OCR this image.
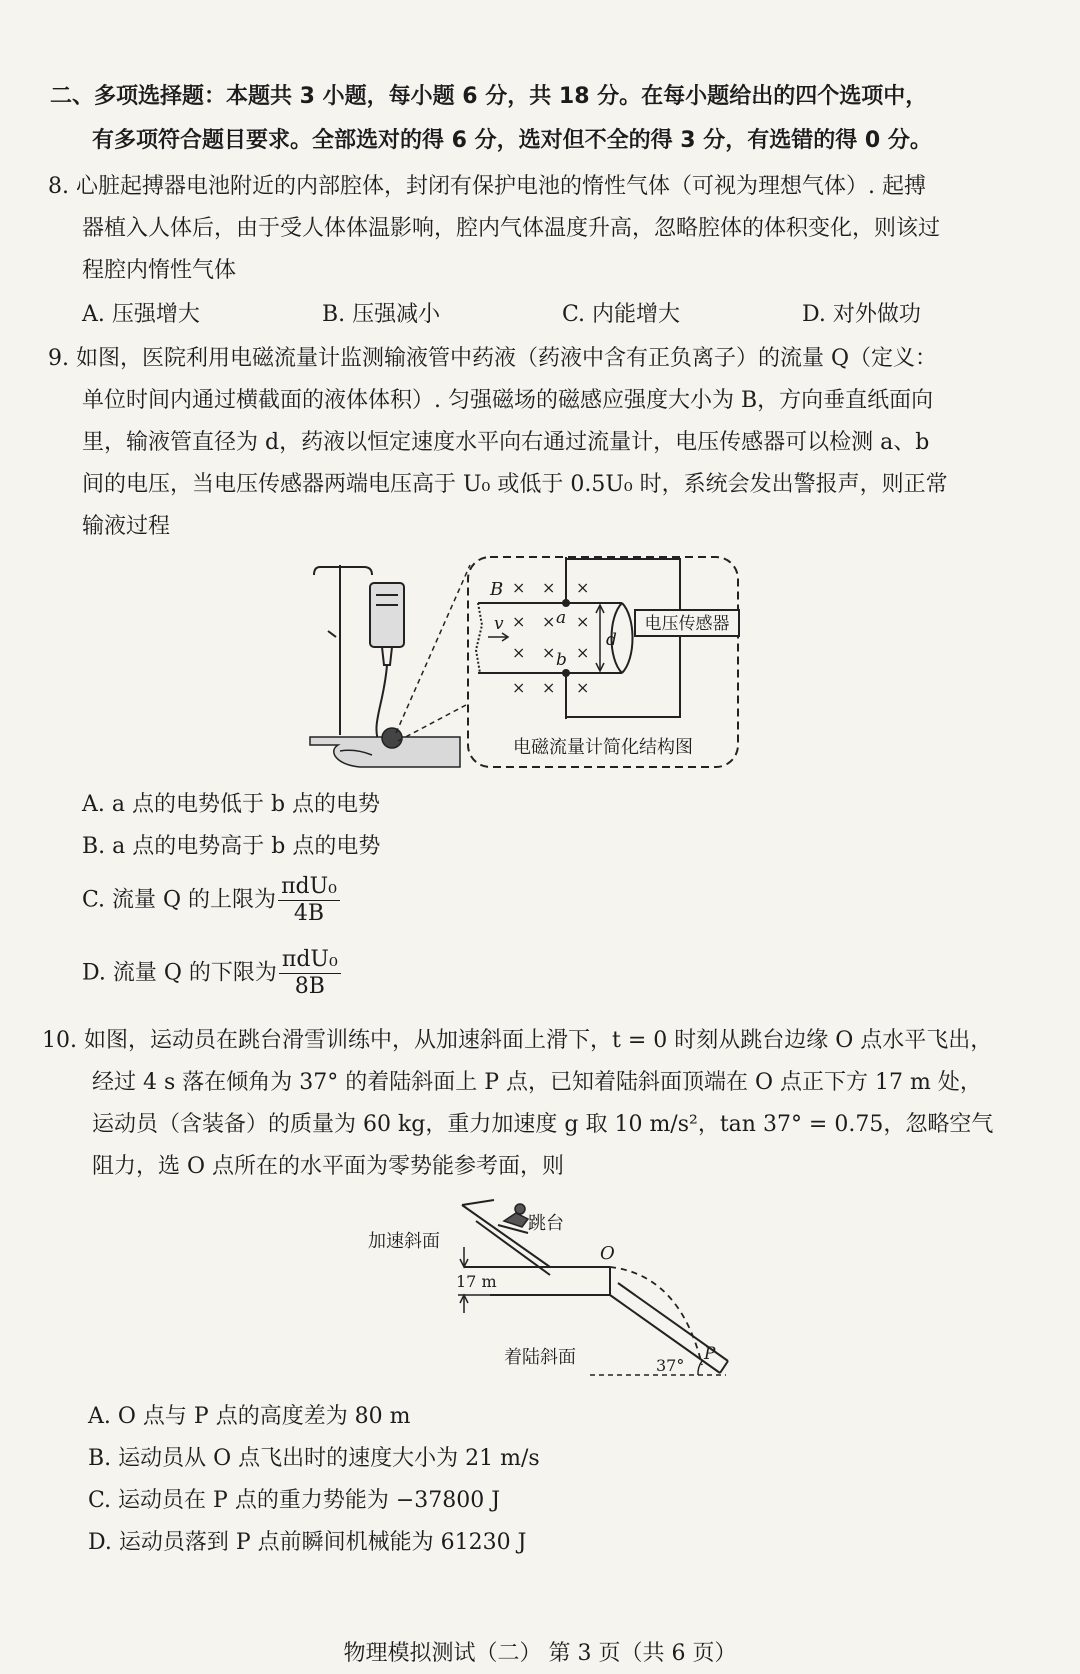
二、多项选择题：本题共 3 小题，每小题 6 分，共 18 分。在每小题给出的四个选项中，
有多项符合题目要求。全部选对的得 6 分，选对但不全的得 3 分，有选错的得 0 分。
8. 心脏起搏器电池附近的内部腔体，封闭有保护电池的惰性气体（可视为理想气体）. 起搏
器植入人体后，由于受人体体温影响，腔内气体温度升高，忽略腔体的体积变化，则该过
程腔内惰性气体
A. 压强增大	B. 压强减小	C. 内能增大	D. 对外做功
9. 如图，医院利用电磁流量计监测输液管中药液（药液中含有正负离子）的流量 Q（定义：
单位时间内通过横截面的液体体积）. 匀强磁场的磁感应强度大小为 B，方向垂直纸面向
里，输液管直径为 d，药液以恒定速度水平向右通过流量计，电压传感器可以检测 a、b
间的电压，当电压传感器两端电压高于 U₀ 或低于 0.5U₀ 时，系统会发出警报声，则正常
输液过程
电压传感器
× × ×
× × ×
× × ×
× × ×
B
v	a
b
d
电磁流量计简化结构图
A. a 点的电势低于 b 点的电势
B. a 点的电势高于 b 点的电势
C. 流量 Q 的上限为 $\frac{\text{πdU₀}}{4B}$
D. 流量 Q 的下限为 $\frac{\text{πdU₀}}{8B}$
10. 如图，运动员在跳台滑雪训练中，从加速斜面上滑下，t = 0 时刻从跳台边缘 O 点水平飞出，
经过 4 s 落在倾角为 37° 的着陆斜面上 P 点，已知着陆斜面顶端在 O 点正下方 17 m 处，
运动员（含装备）的质量为 60 kg，重力加速度 g 取 10 m/s²，tan 37° = 0.75，忽略空气
阻力，选 O 点所在的水平面为零势能参考面，则
加速斜面
跳台
O
17 m
着陆斜面	P
37°
A. O 点与 P 点的高度差为 80 m
B. 运动员从 O 点飞出时的速度大小为 21 m/s
C. 运动员在 P 点的重力势能为 −37800 J
D. 运动员落到 P 点前瞬间机械能为 61230 J
物理模拟测试（二） 第 3 页（共 6 页）
